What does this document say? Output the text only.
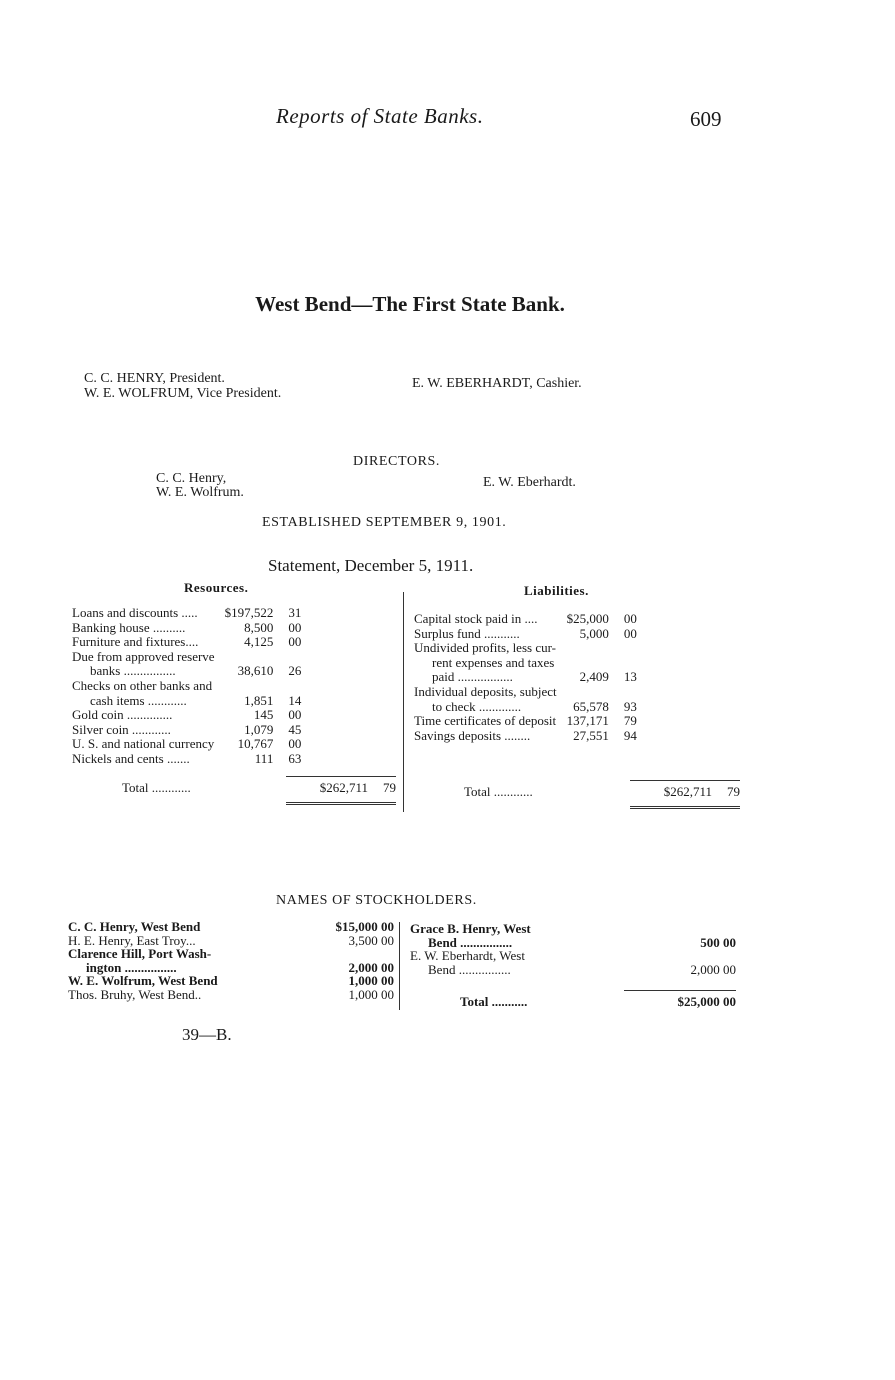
Reports of State Banks.	609
West Bend—The First State Bank.
C. C. HENRY, President.
W. E. WOLFRUM, Vice President.
E. W. EBERHARDT, Cashier.
DIRECTORS.
C. C. Henry,
W. E. Wolfrum.
E. W. Eberhardt.
ESTABLISHED SEPTEMBER 9, 1901.
Statement, December 5, 1911.
Resources.	Liabilities.
Loans and discounts .....	$197,522	31
Banking house ..........	8,500	00
Furniture and fixtures....	4,125	00
Due from approved reserve		
banks ................	38,610	26
Checks on other banks and		
cash items ............	1,851	14
Gold coin ..............	145	00
Silver coin ............	1,079	45
U. S. and national currency	10,767	00
Nickels and cents .......	111	63
Total ............	$262,711	79
Capital stock paid in ....	$25,000	00
Surplus fund ...........	5,000	00
Undivided profits, less cur-		
rent expenses and taxes		
paid .................	2,409	13
Individual deposits, subject		
to check .............	65,578	93
Time certificates of deposit	137,171	79
Savings deposits ........	27,551	94
Total ............	$262,711	79
NAMES OF STOCKHOLDERS.
C. C. Henry, West Bend	$15,000 00
H. E. Henry, East Troy...	3,500 00
Clarence Hill, Port Wash-	
ington ................	2,000 00
W. E. Wolfrum, West Bend	1,000 00
Thos. Bruhy, West Bend..	1,000 00
Grace B. Henry, West	
Bend ................	500 00
E. W. Eberhardt, West	
Bend ................	2,000 00
Total ...........	$25,000 00
39—B.
